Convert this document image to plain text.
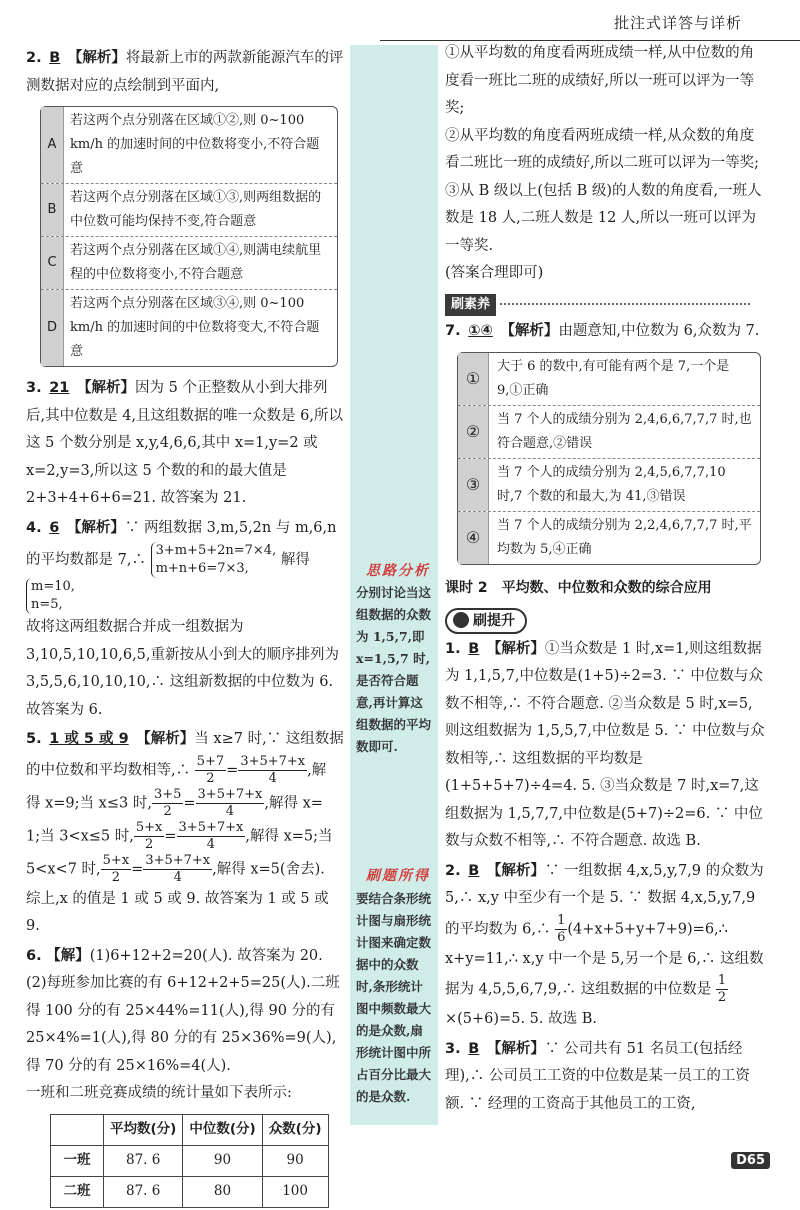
批注式详答与详析
思路分析
分别讨论当这组数据的众数为 1,5,7,即 x=1,5,7 时,是否符合题意,再计算这组数据的平均数即可.
刷题所得
要结合条形统计图与扇形统计图来确定数据中的众数时,条形统计图中频数最大的是众数,扇形统计图中所占百分比最大的是众数.
2. B 【解析】将最新上市的两款新能源汽车的评测数据对应的点绘制到平面内,
A
若这两个点分别落在区域①②,则 0~100 km/h 的加速时间的中位数将变小,不符合题意
B
若这两个点分别落在区域①③,则两组数据的中位数可能均保持不变,符合题意
C
若这两个点分别落在区域①④,则满电续航里程的中位数将变小,不符合题意
D
若这两个点分别落在区域③④,则 0~100 km/h 的加速时间的中位数将变大,不符合题意
3. 21 【解析】因为 5 个正整数从小到大排列后,其中位数是 4,且这组数据的唯一众数是 6,所以这 5 个数分别是 x,y,4,6,6,其中 x=1,y=2 或 x=2,y=3,所以这 5 个数的和的最大值是 2+3+4+6+6=21. 故答案为 21.
4. 6 【解析】∵ 两组数据 3,m,5,2n 与 m,6,n 的平均数都是 7,∴ 3+m+5+2n=7×4,
m+n+6=7×3, 解得 m=10,
n=5,
故将这两组数据合并成一组数据为 3,10,5,10,10,6,5,重新按从小到大的顺序排列为 3,5,5,6,10,10,10,∴ 这组新数据的中位数为 6. 故答案为 6.
5. 1 或 5 或 9 【解析】当 x≥7 时,∵ 这组数据的中位数和平均数相等,∴ $\frac{5+7}{2} = \frac{3+5+7+x}{4}$ ,解
得 x=9;当 x≤3 时, $\frac{3+5}{2} = \frac{3+5+7+x}{4}$ ,解得 x=
1;当 3<x≤5 时, $\frac{5+x}{2} = \frac{3+5+7+x}{4}$ ,解得 x=5;当
5<x<7 时, $\frac{5+x}{2} = \frac{3+5+7+x}{4}$ ,解得 x=5(舍去).
综上,x 的值是 1 或 5 或 9. 故答案为 1 或 5 或 9.
6. 【解】(1)6+12+2=20(人). 故答案为 20.
(2)每班参加比赛的有 6+12+2+5=25(人).二班得 100 分的有 25×44%=11(人),得 90 分的有 25×4%=1(人),得 80 分的有 25×36%=9(人),得 70 分的有 25×16%=4(人).
一班和二班竞赛成绩的统计量如下表所示:
	平均数(分)	中位数(分)	众数(分)
一班	87. 6	90	90
二班	87. 6	80	100
①从平均数的角度看两班成绩一样,从中位数的角度看一班比二班的成绩好,所以一班可以评为一等奖;
②从平均数的角度看两班成绩一样,从众数的角度看二班比一班的成绩好,所以二班可以评为一等奖;
③从 B 级以上(包括 B 级)的人数的角度看,一班人数是 18 人,二班人数是 12 人,所以一班可以评为一等奖.
(答案合理即可)
刷素养
7. ①④ 【解析】由题意知,中位数为 6,众数为 7.
①
大于 6 的数中,有可能有两个是 7,一个是 9,①正确
②
当 7 个人的成绩分别为 2,4,6,6,7,7,7 时,也符合题意,②错误
③
当 7 个人的成绩分别为 2,4,5,6,7,7,10 时,7 个数的和最大,为 41,③错误
④
当 7 个人的成绩分别为 2,2,4,6,7,7,7 时,平均数为 5,④正确
课时 2　平均数、中位数和众数的综合应用
刷提升
1. B 【解析】①当众数是 1 时,x=1,则这组数据为 1,1,5,7,中位数是(1+5)÷2=3. ∵ 中位数与众数不相等,∴ 不符合题意. ②当众数是 5 时,x=5,则这组数据为 1,5,5,7,中位数是 5. ∵ 中位数与众数相等,∴ 这组数据的平均数是(1+5+5+7)÷4=4. 5. ③当众数是 7 时,x=7,这组数据为 1,5,7,7,中位数是(5+7)÷2=6. ∵ 中位数与众数不相等,∴ 不符合题意. 故选 B.
2. B 【解析】∵ 一组数据 4,x,5,y,7,9 的众数为 5,∴ x,y 中至少有一个是 5. ∵ 数据 4,x,5,y,7,9 的平均数为 6,∴ $\frac{1}{6}$ (4+x+5+y+7+9)=6,∴ x+y=11,∴ x,y 中一个是 5,另一个是 6,∴ 这组数据为 4,5,5,6,7,9,∴ 这组数据的中位数是 $\frac{1}{2}$
×(5+6)=5. 5. 故选 B.
3. B 【解析】∵ 公司共有 51 名员工(包括经理),∴ 公司员工工资的中位数是某一员工的工资额. ∵ 经理的工资高于其他员工的工资,
D65
